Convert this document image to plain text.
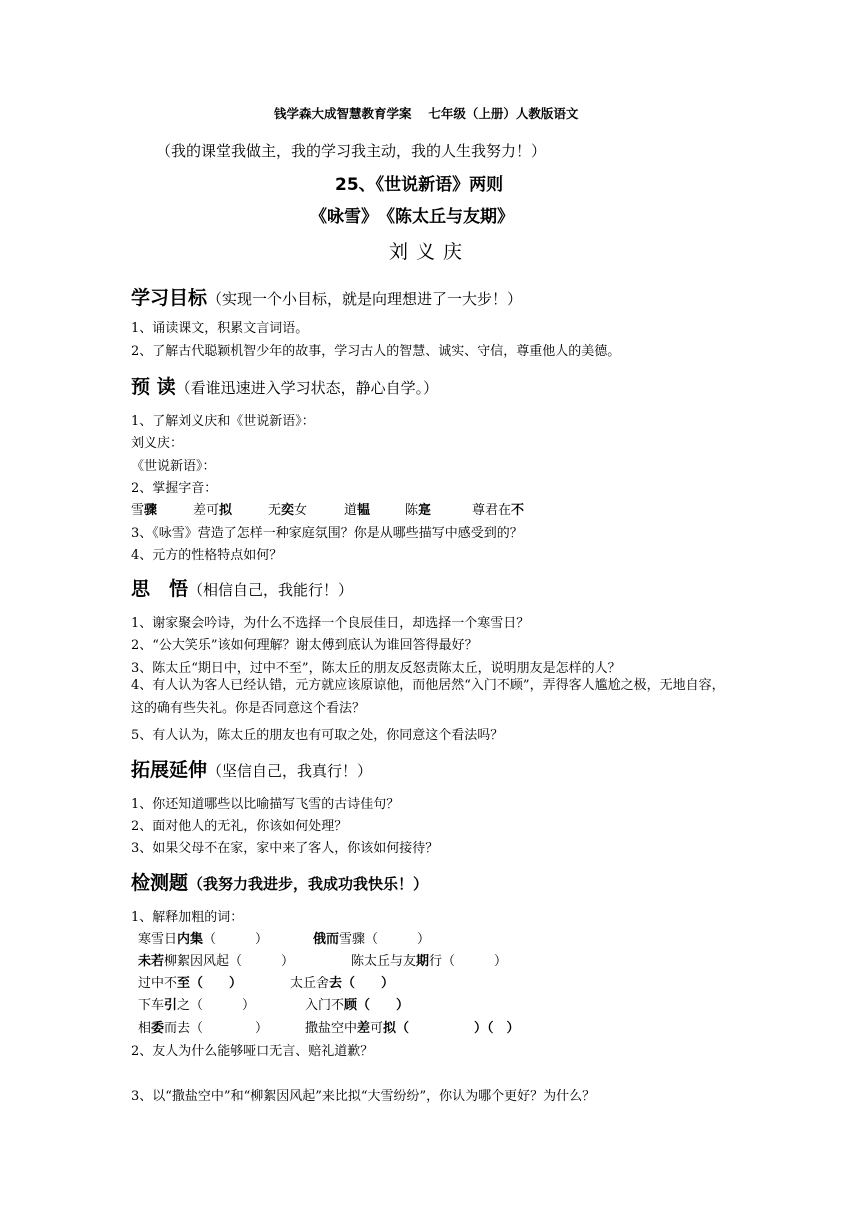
钱学森大成智慧教育学案　 七年级（上册）人教版语文
（我的课堂我做主，我的学习我主动，我的人生我努力！）
25、《世说新语》两则
《咏雪》　《陈太丘与友期》
刘义庆
学习目标（实现一个小目标，就是向理想进了一大步！）
1、诵读课文，积累文言词语。
2、了解古代聪颖机智少年的故事，学习古人的智慧、诚实、守信，尊重他人的美德。
预 读（看谁迅速进入学习状态，静心自学。）
1、了解刘义庆和《世说新语》：
刘义庆：
《世说新语》：
2、掌握字音：
雪骤	差可拟	无奕女	道韫	陈寔	尊君在不
3、《咏雪》营造了怎样一种家庭氛围？你是从哪些描写中感受到的？
4、元方的性格特点如何？
思　悟（相信自己，我能行！）
1、谢家聚会吟诗，为什么不选择一个良辰佳日，却选择一个寒雪日？
2、“公大笑乐”该如何理解？谢太傅到底认为谁回答得最好？
3、陈太丘“期日中，过中不至”，陈太丘的朋友反怒责陈太丘，说明朋友是怎样的人？
4、有人认为客人已经认错，元方就应该原谅他，而他居然“入门不顾”，弄得客人尴尬之极，无地自容，这的确有些失礼。你是否同意这个看法？
5、有人认为，陈太丘的朋友也有可取之处，你同意这个看法吗？
拓展延伸（坚信自己，我真行！）
1、你还知道哪些以比喻描写飞雪的古诗佳句？
2、面对他人的无礼，你该如何处理？
3、如果父母不在家，家中来了客人，你该如何接待？
检测题（我努力我进步，我成功我快乐！）
1、解释加粗的词：
寒雪日内集（　　　）	俄而雪骤（　　　）
未若柳絮因风起（　　　）	陈太丘与友期行（　　　）
过中不至（　　）	太丘舍去（　　）
下车引之（　　　）	入门不顾（　　）
相委而去（　　　　）	撒盐空中差可拟（　　　　　）（　）
2、友人为什么能够哑口无言、赔礼道歉？
3、以“撒盐空中”和“柳絮因风起”来比拟“大雪纷纷”，你认为哪个更好？为什么？
